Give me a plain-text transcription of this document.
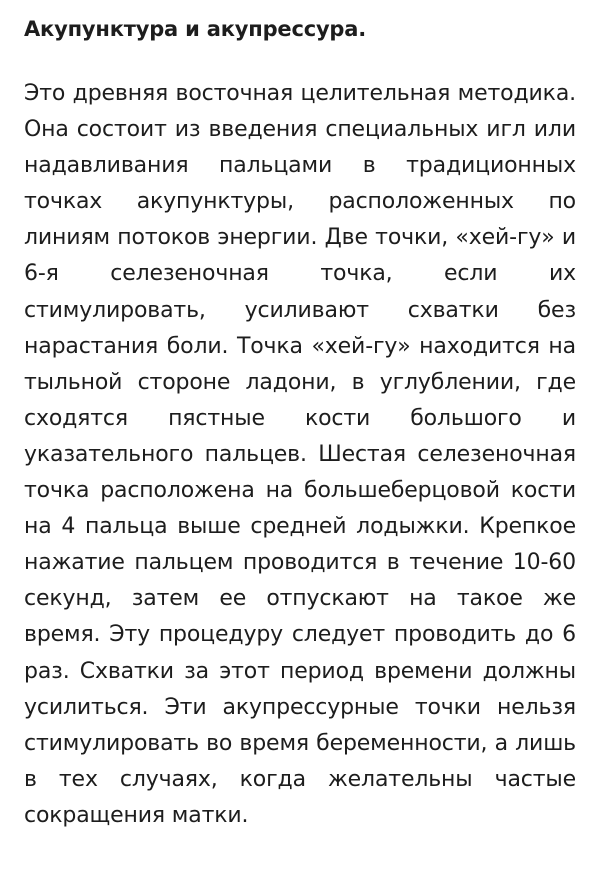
Акупунктура и акупрессура.

Это древняя восточная целительная методика. Она состоит из введения специальных игл или надавливания пальцами в традиционных точках акупунктуры, расположенных по линиям потоков энергии. Две точки, «хей-гу» и 6-я селезеночная точка, если их стимулировать, усиливают схватки без нарастания боли. Точка «хей-гу» находится на тыльной стороне ладони, в углублении, где сходятся пястные кости большого и указательного пальцев. Шестая селезеночная точка расположена на большеберцовой кости на 4 пальца выше средней лодыжки. Крепкое нажатие пальцем проводится в течение 10-60 секунд, затем ее отпускают на такое же время. Эту процедуру следует проводить до 6 раз. Схватки за этот период времени должны усилиться. Эти акупрессурные точки нельзя стимулировать во время беременности, а лишь в тех случаях, когда желательны частые сокращения матки.
